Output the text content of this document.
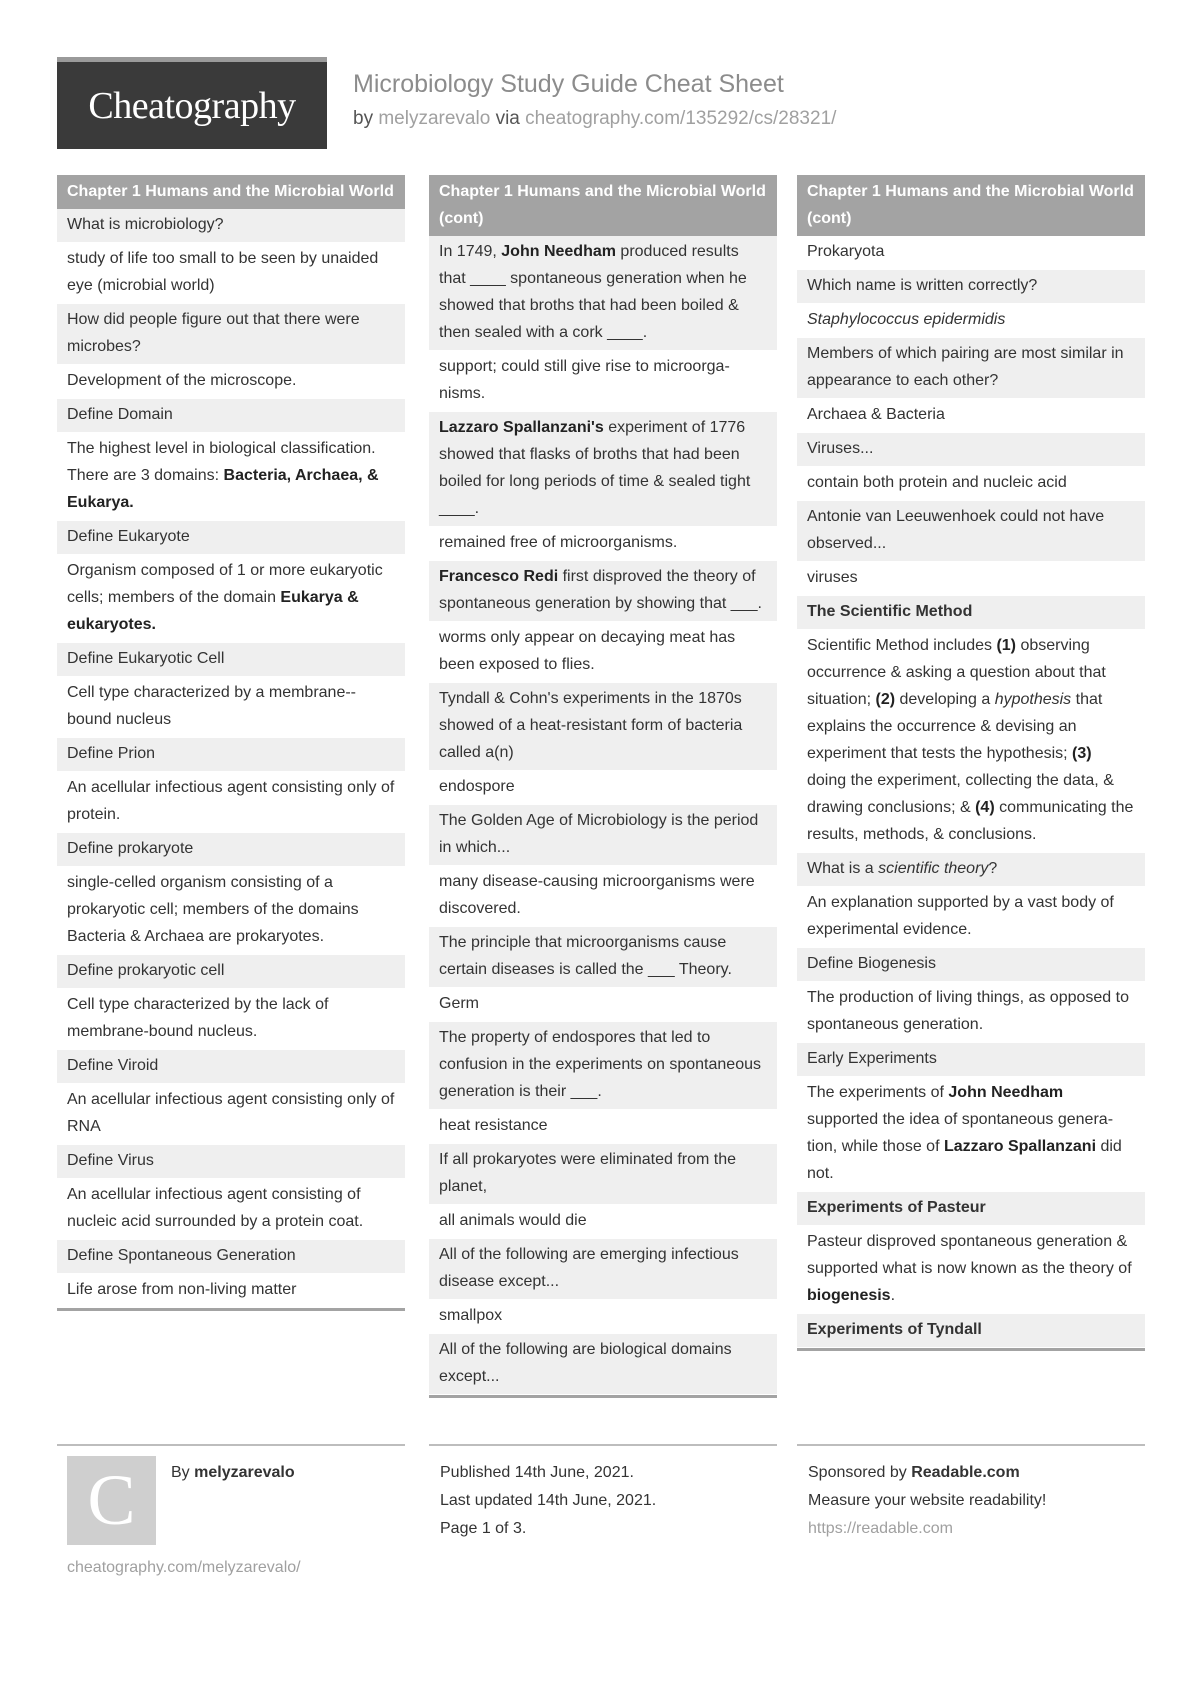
Cheatography
Microbiology Study Guide Cheat Sheet
by melyzarevalo via cheatography.com/135292/cs/28321/
Chapter 1 Humans and the Microbial World
What is microbiology?
study of life too small to be seen by unaided eye (microbial world)
How did people figure out that there were microbes?
Development of the microscope.
Define Domain
The highest level in biological classification. There are 3 domains: Bacteria, Archaea, & Eukarya.
Define Eukaryote
Organism composed of 1 or more eukaryotic cells; members of the domain Eukarya & eukaryotes.
Define Eukaryotic Cell
Cell type characterized by a membrane--bound nucleus
Define Prion
An acellular infectious agent consisting only of protein.
Define prokaryote
single-celled organism consisting of a prokaryotic cell; members of the domains Bacteria & Archaea are prokaryotes.
Define prokaryotic cell
Cell type characterized by the lack of membrane-bound nucleus.
Define Viroid
An acellular infectious agent consisting only of RNA
Define Virus
An acellular infectious agent consisting of nucleic acid surrounded by a protein coat.
Define Spontaneous Generation
Life arose from non-living matter
Chapter 1 Humans and the Microbial World (cont)
In 1749, John Needham produced results that ____ spontaneous generation when he showed that broths that had been boiled & then sealed with a cork ____.
support; could still give rise to microorganisms.
Lazzaro Spallanzani's experiment of 1776 showed that flasks of broths that had been boiled for long periods of time & sealed tight ____.
remained free of microorganisms.
Francesco Redi first disproved the theory of spontaneous generation by showing that ___.
worms only appear on decaying meat has been exposed to flies.
Tyndall & Cohn's experiments in the 1870s showed of a heat-resistant form of bacteria called a(n)
endospore
The Golden Age of Microbiology is the period in which...
many disease-causing microorganisms were discovered.
The principle that microorganisms cause certain diseases is called the ___ Theory.
Germ
The property of endospores that led to confusion in the experiments on spontaneous generation is their ___.
heat resistance
If all prokaryotes were eliminated from the planet,
all animals would die
All of the following are emerging infectious disease except...
smallpox
All of the following are biological domains except...
Chapter 1 Humans and the Microbial World (cont)
Prokaryota
Which name is written correctly?
Staphylococcus epidermidis
Members of which pairing are most similar in appearance to each other?
Archaea & Bacteria
Viruses...
contain both protein and nucleic acid
Antonie van Leeuwenhoek could not have observed...
viruses
The Scientific Method
Scientific Method includes (1) observing occurrence & asking a question about that situation; (2) developing a hypothesis that explains the occurrence & devising an experiment that tests the hypothesis; (3) doing the experiment, collecting the data, & drawing conclusions; & (4) communicating the results, methods, & conclusions.
What is a scientific theory?
An explanation supported by a vast body of experimental evidence.
Define Biogenesis
The production of living things, as opposed to spontaneous generation.
Early Experiments
The experiments of John Needham supported the idea of spontaneous generation, while those of Lazzaro Spallanzani did not.
Experiments of Pasteur
Pasteur disproved spontaneous generation & supported what is now known as the theory of biogenesis.
Experiments of Tyndall
C By melyzarevalo
cheatography.com/melyzarevalo/
Published 14th June, 2021.
Last updated 14th June, 2021.
Page 1 of 3.
Sponsored by Readable.com
Measure your website readability!
https://readable.com
